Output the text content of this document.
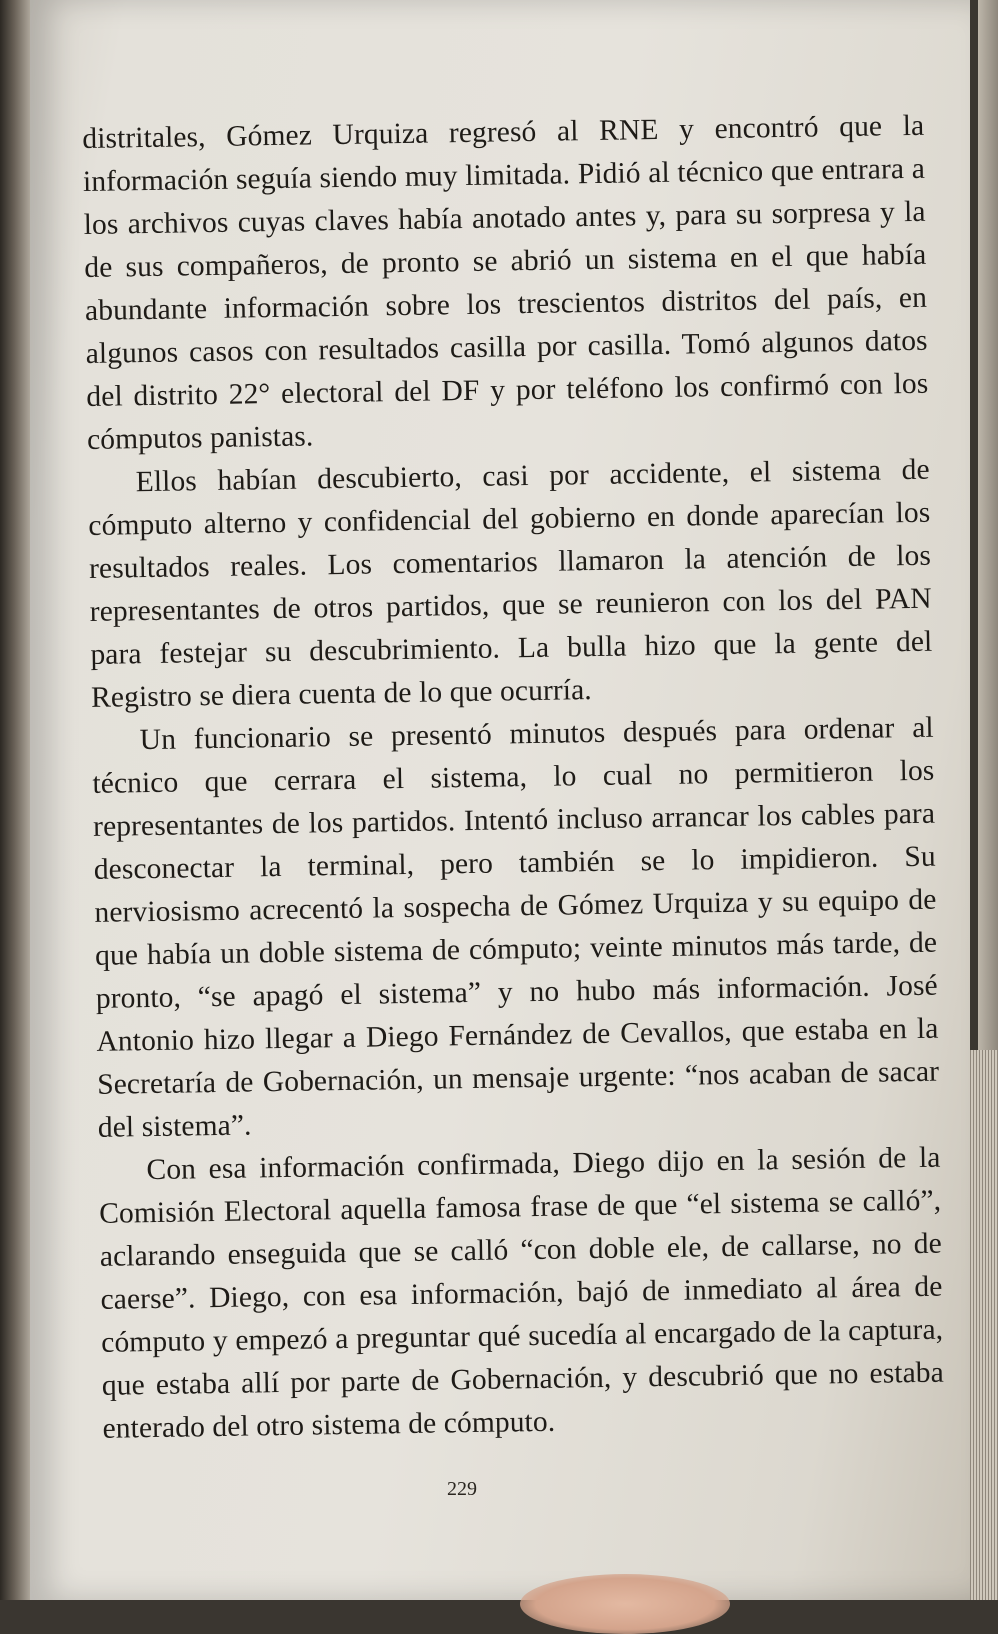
distritales, Gómez Urquiza regresó al RNE y encontró que la información seguía siendo muy limitada. Pidió al técnico que entrara a los archivos cuyas claves había anotado antes y, para su sorpresa y la de sus compañeros, de pronto se abrió un sistema en el que había abundante información sobre los trescientos distritos del país, en algunos casos con resultados casilla por casilla. Tomó algunos datos del distrito 22° electoral del DF y por teléfono los confirmó con los cómputos panistas.

Ellos habían descubierto, casi por accidente, el sistema de cómputo alterno y confidencial del gobierno en donde aparecían los resultados reales. Los comentarios llamaron la atención de los representantes de otros partidos, que se reunieron con los del PAN para festejar su descubrimiento. La bulla hizo que la gente del Registro se diera cuenta de lo que ocurría.

Un funcionario se presentó minutos después para ordenar al técnico que cerrara el sistema, lo cual no permitieron los representantes de los partidos. Intentó incluso arrancar los cables para desconectar la terminal, pero también se lo impidieron. Su nerviosismo acrecentó la sospecha de Gómez Urquiza y su equipo de que había un doble sistema de cómputo; veinte minutos más tarde, de pronto, “se apagó el sistema” y no hubo más información. José Antonio hizo llegar a Diego Fernández de Cevallos, que estaba en la Secretaría de Gobernación, un mensaje urgente: “nos acaban de sacar del sistema”.

Con esa información confirmada, Diego dijo en la sesión de la Comisión Electoral aquella famosa frase de que “el sistema se calló”, aclarando enseguida que se calló “con doble ele, de callarse, no de caerse”. Diego, con esa información, bajó de inmediato al área de cómputo y empezó a preguntar qué sucedía al encargado de la captura, que estaba allí por parte de Gobernación, y descubrió que no estaba enterado del otro sistema de cómputo.

229
